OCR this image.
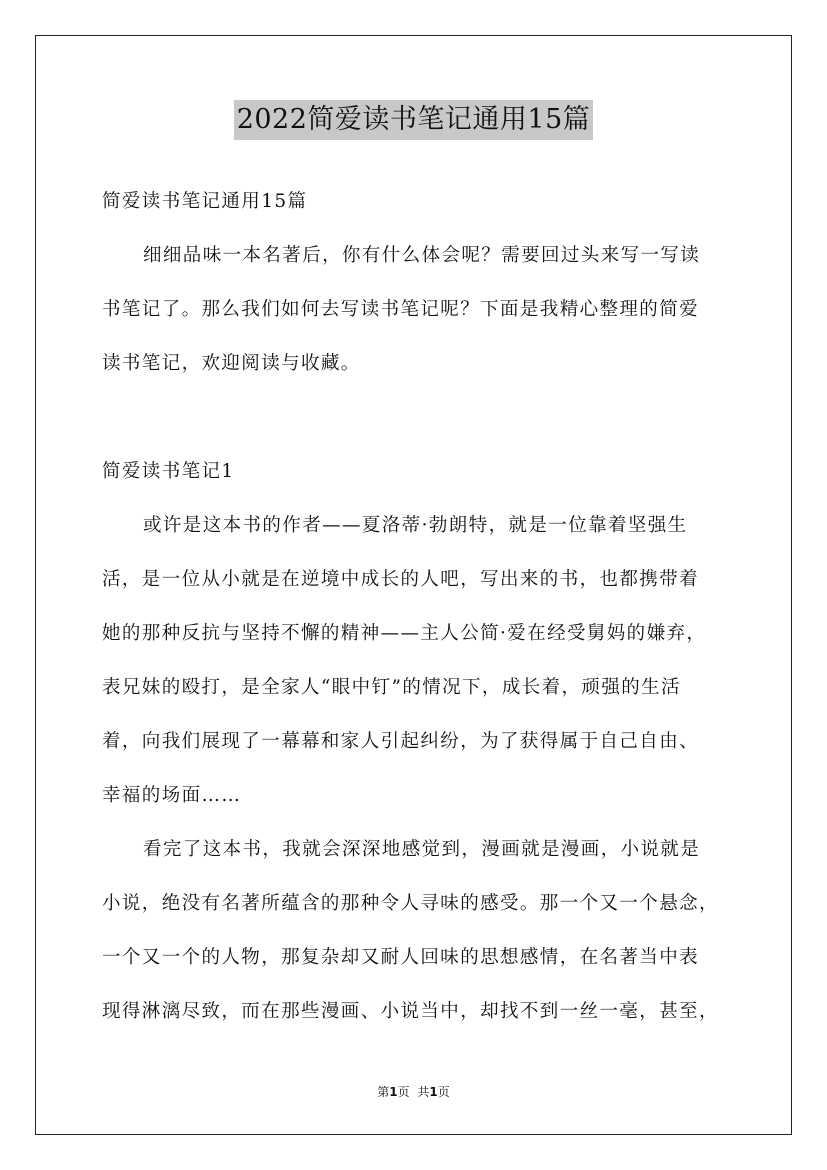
2022简爱读书笔记通用15篇

简爱读书笔记通用15篇

细细品味一本名著后，你有什么体会呢？需要回过头来写一写读

书笔记了。那么我们如何去写读书笔记呢？下面是我精心整理的简爱

读书笔记，欢迎阅读与收藏。

简爱读书笔记1

或许是这本书的作者——夏洛蒂·勃朗特，就是一位靠着坚强生

活，是一位从小就是在逆境中成长的人吧，写出来的书，也都携带着

她的那种反抗与坚持不懈的精神——主人公简·爱在经受舅妈的嫌弃，

表兄妹的殴打，是全家人“眼中钉”的情况下，成长着，顽强的生活

着，向我们展现了一幕幕和家人引起纠纷，为了获得属于自己自由、

幸福的场面……

看完了这本书，我就会深深地感觉到，漫画就是漫画，小说就是

小说，绝没有名著所蕴含的那种令人寻味的感受。那一个又一个悬念，

一个又一个的人物，那复杂却又耐人回味的思想感情，在名著当中表

现得淋漓尽致，而在那些漫画、小说当中，却找不到一丝一毫，甚至，

第1页 共1页
